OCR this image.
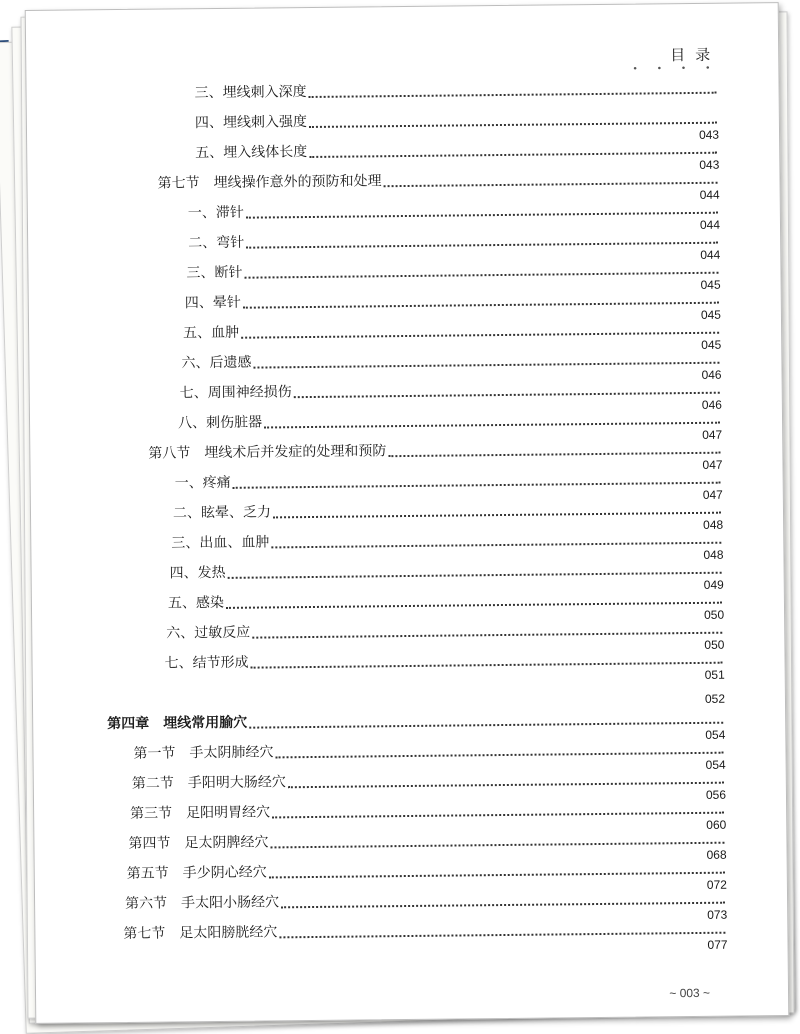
目录
• • • •
三、埋线刺入深度
四、埋线刺入强度
043
五、埋入线体长度
043
第七节 埋线操作意外的预防和处理
044
一、滞针
044
二、弯针
044
三、断针
045
四、晕针
045
五、血肿
045
六、后遗感
046
七、周围神经损伤
046
八、刺伤脏器
047
第八节 埋线术后并发症的处理和预防
047
一、疼痛
047
二、眩晕、乏力
048
三、出血、血肿
048
四、发热
049
五、感染
050
六、过敏反应
050
七、结节形成
051
052
第四章 埋线常用腧穴
054
第一节 手太阴肺经穴
054
第二节 手阳明大肠经穴
056
第三节 足阳明胃经穴
060
第四节 足太阴脾经穴
068
第五节 手少阴心经穴
072
第六节 手太阳小肠经穴
073
第七节 足太阳膀胱经穴
077
~ 003 ~
